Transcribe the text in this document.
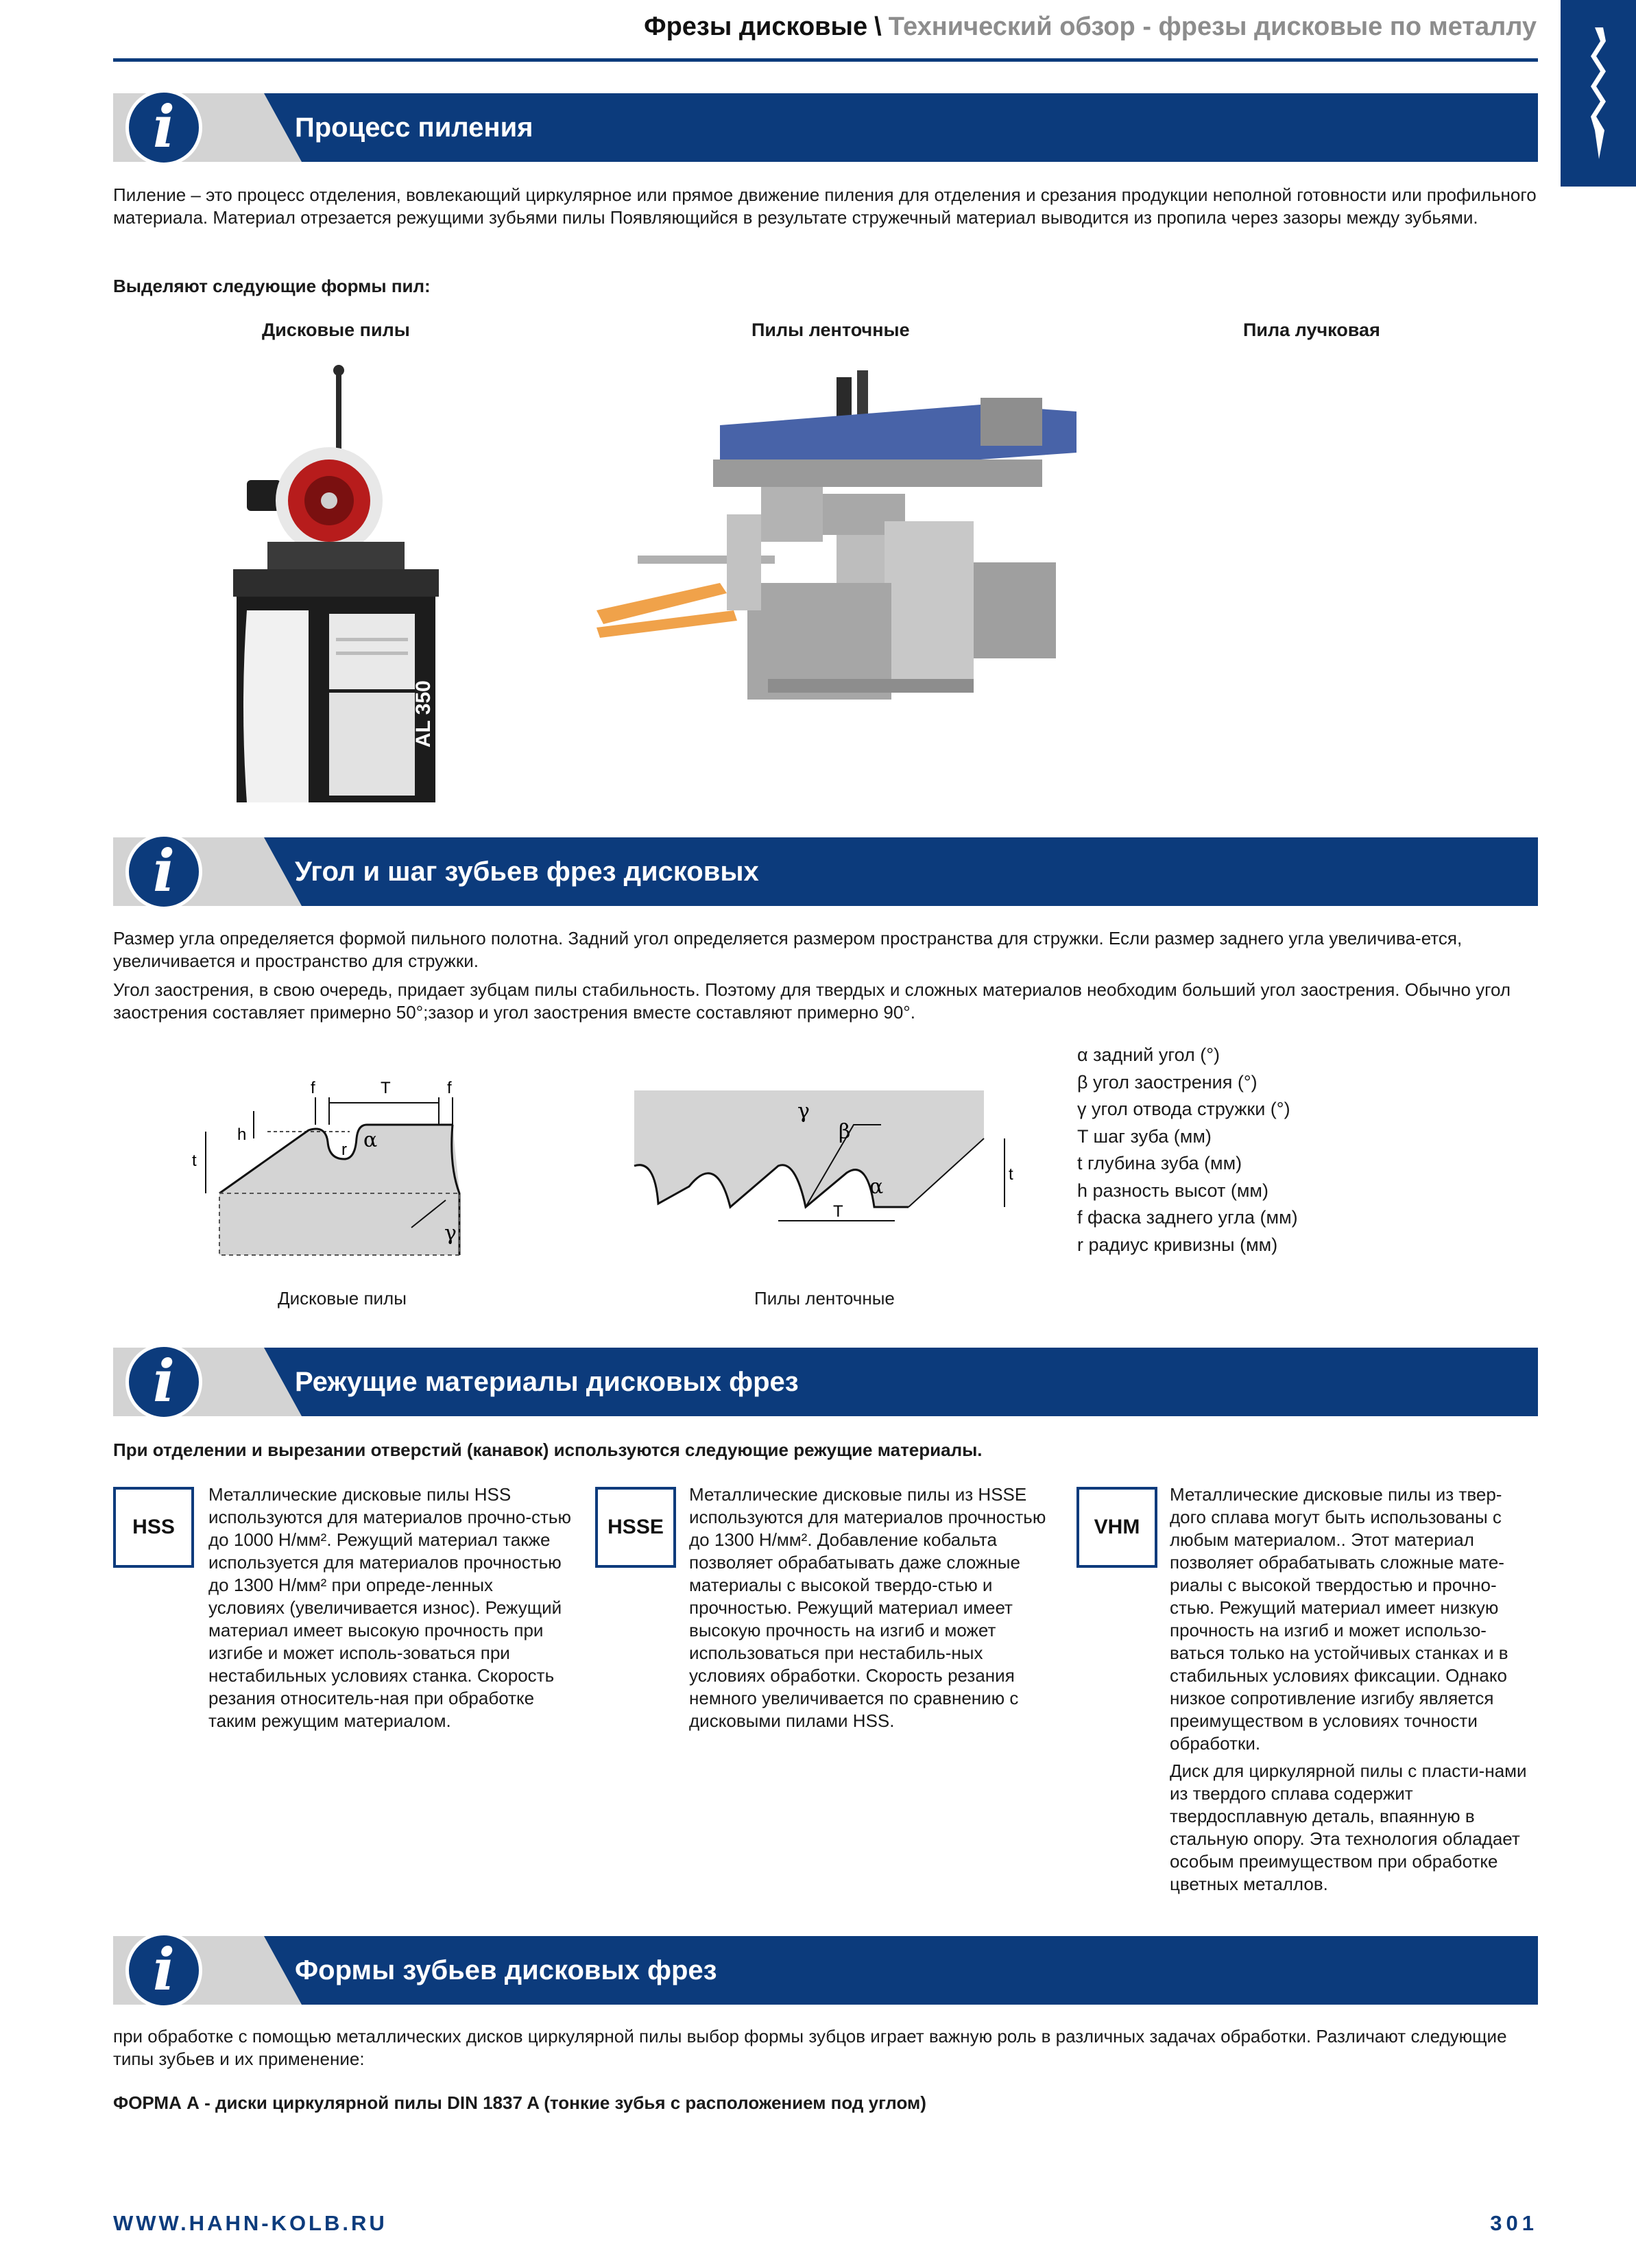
Фрезы дисковые \ Технический обзор - фрезы дисковые по металлу
i	Процесс пиления
Пиление – это процесс отделения, вовлекающий циркулярное или прямое движение пиления для отделения и срезания продукции неполной готовности или профильного материала. Материал отрезается режущими зубьями пилы Появляющийся в результате стружечный материал выводится из пропила через зазоры между зубьями.
Выделяют следующие формы пил:
Дисковые пилы	Пилы ленточные	Пила лучковая
AL 350
i	Угол и шаг зубьев фрез дисковых
Размер угла определяется формой пильного полотна. Задний угол определяется размером пространства для стружки. Если размер заднего угла увеличива-ется, увеличивается и пространство для стружки.
Угол заострения, в свою очередь, придает зубцам пилы стабильность. Поэтому для твердых и сложных материалов необходим больший угол заострения. Обычно угол заострения составляет примерно 50°;зазор и угол заострения вместе составляют примерно 90°.
f	T	f
h
t
r α
γ
Дисковые пилы
γ
β
α
t
T
Пилы ленточные
α задний угол (°)
β угол заострения (°)
γ угол отвода стружки (°)
T шаг зуба (мм)
t глубина зуба (мм)
h разность высот (мм)
f фаска заднего угла (мм)
r радиус кривизны (мм)
i	Режущие материалы дисковых фрез
При отделении и вырезании отверстий (канавок) используются следующие режущие материалы.
HSS

Металлические дисковые пилы HSS используются для материалов прочно-стью до 1000 Н/мм². Режущий материал также используется для материалов прочностью до 1300 Н/мм² при опреде-ленных условиях (увеличивается износ). Режущий материал имеет высокую прочность при изгибе и может исполь-зоваться при нестабильных условиях станка. Скорость резания относитель-ная при обработке таким режущим материалом.

HSSE

Металлические дисковые пилы из HSSE используются для материалов прочностью до 1300 Н/мм². Добавление кобальта позволяет обрабатывать даже сложные материалы с высокой твердо-стью и прочностью. Режущий материал имеет высокую прочность на изгиб и может использоваться при нестабиль-ных условиях обработки. Скорость резания немного увеличивается по сравнению с дисковыми пилами HSS.

VHM

Металлические дисковые пилы из твер-дого сплава могут быть использованы с любым материалом.. Этот материал позволяет обрабатывать сложные мате-риалы с высокой твердостью и прочно-стью. Режущий материал имеет низкую прочность на изгиб и может использо-ваться только на устойчивых станках и в стабильных условиях фиксации. Однако низкое сопротивление изгибу является преимуществом в условиях точности обработки.

Диск для циркулярной пилы с пласти-нами из твердого сплава содержит твердосплавную деталь, впаянную в стальную опору. Эта технология обладает особым преимуществом при обработке цветных металлов.

i	Формы зубьев дисковых фрез
при обработке с помощью металлических дисков циркулярной пилы выбор формы зубцов играет важную роль в различных задачах обработки. Различают следующие типы зубьев и их применение:
ФОРМА А - диски циркулярной пилы DIN 1837 A (тонкие зубья с расположением под углом)
WWW.HAHN-KOLB.RU	301
